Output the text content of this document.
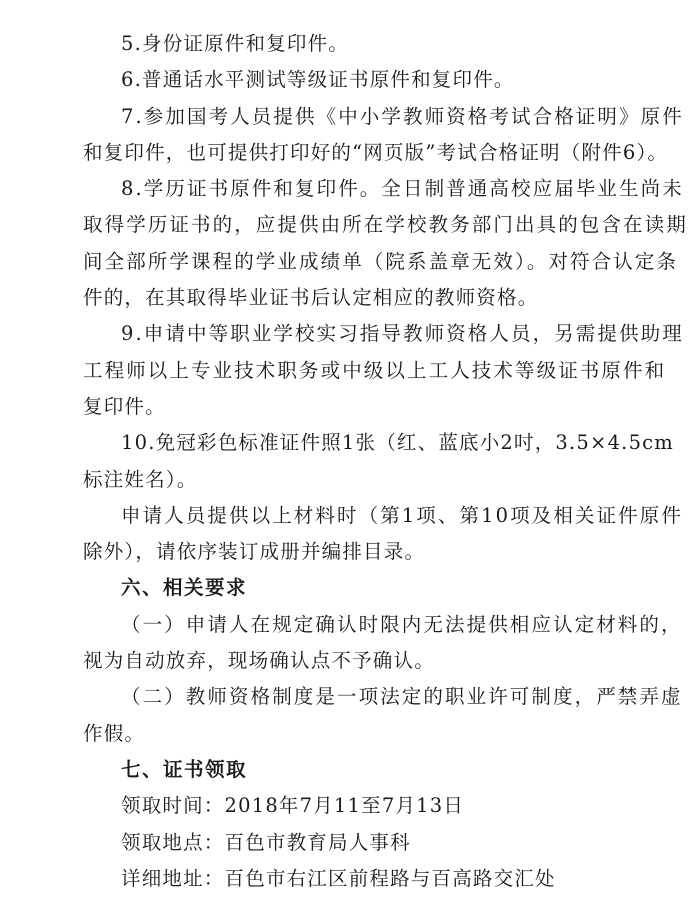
5.身份证原件和复印件。
6.普通话水平测试等级证书原件和复印件。
7.参加国考人员提供《中小学教师资格考试合格证明》原件
和复印件，也可提供打印好的“网页版”考试合格证明（附件6）。
8.学历证书原件和复印件。全日制普通高校应届毕业生尚未
取得学历证书的，应提供由所在学校教务部门出具的包含在读期
间全部所学课程的学业成绩单（院系盖章无效）。对符合认定条
件的，在其取得毕业证书后认定相应的教师资格。
9.申请中等职业学校实习指导教师资格人员，另需提供助理
工程师以上专业技术职务或中级以上工人技术等级证书原件和
复印件。
10.免冠彩色标准证件照1张（红、蓝底小2吋，3.5×4.5cm
标注姓名）。
申请人员提供以上材料时（第1项、第10项及相关证件原件
除外），请依序装订成册并编排目录。
六、相关要求
（一）申请人在规定确认时限内无法提供相应认定材料的，
视为自动放弃，现场确认点不予确认。
（二）教师资格制度是一项法定的职业许可制度，严禁弄虚
作假。
七、证书领取
领取时间：2018年7月11至7月13日
领取地点：百色市教育局人事科
详细地址：百色市右江区前程路与百高路交汇处
